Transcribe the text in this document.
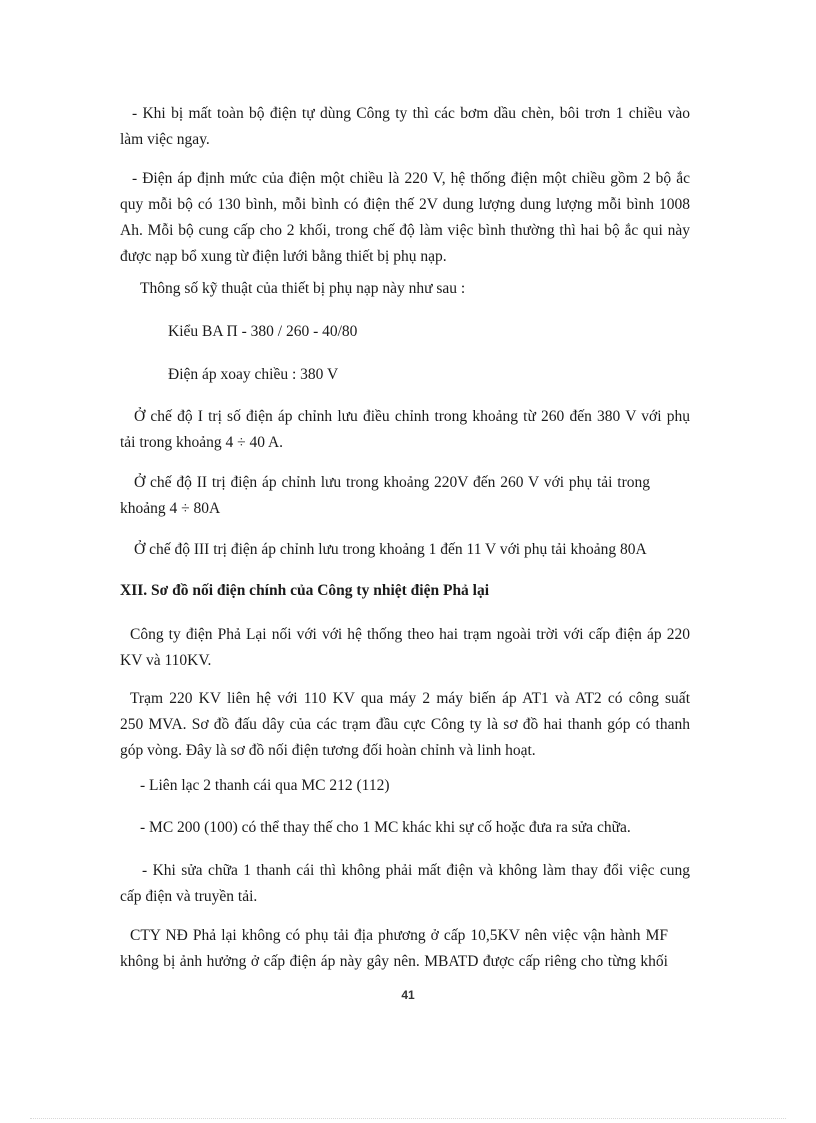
- Khi bị mất toàn bộ điện tự dùng Công ty thì các bơm dầu chèn, bôi trơn 1 chiều vào
làm việc ngay.
- Điện áp định mức của điện một chiều là 220 V, hệ thống điện một chiều gồm 2 bộ ắc
quy mỗi bộ có 130 bình, mỗi bình có điện thế 2V dung lượng dung lượng mỗi bình 1008
Ah. Mỗi bộ cung cấp cho 2 khối, trong chế độ làm việc bình thường thì hai bộ ắc qui này
được nạp bổ xung từ điện lưới bằng thiết bị phụ nạp.
Thông số kỹ thuật của thiết bị phụ nạp này như sau :
Kiểu BA П - 380 / 260 - 40/80
Điện áp xoay chiều : 380 V
Ở chế độ I trị số điện áp chỉnh lưu điều chỉnh trong khoảng từ 260 đến 380 V với phụ
tải trong khoảng 4 ÷ 40 A.
Ở chế độ II trị điện áp chỉnh lưu trong khoảng 220V đến 260 V với phụ tải trong
khoảng 4 ÷ 80A
Ở chế độ III trị điện áp chỉnh lưu trong khoảng 1 đến 11 V với phụ tải khoảng 80A
XII. Sơ đồ nối điện chính của Công ty nhiệt điện Phả lại
Công ty điện Phả Lại nối với với hệ thống theo hai trạm ngoài trời với cấp điện áp 220
KV và 110KV.
Trạm 220 KV liên hệ với 110 KV qua máy 2 máy biến áp AT1 và AT2 có công suất
250 MVA. Sơ đồ đấu dây của các trạm đầu cực Công ty là sơ đồ hai thanh góp có thanh
góp vòng. Đây là sơ đồ nối điện tương đối hoàn chỉnh và linh hoạt.
- Liên lạc 2 thanh cái qua MC 212 (112)
- MC 200 (100) có thể thay thế cho 1 MC khác khi sự cố hoặc đưa ra sửa chữa.
- Khi sửa chữa 1 thanh cái thì không phải mất điện và không làm thay đổi việc cung
cấp điện và truyền tải.
CTY NĐ Phả lại không có phụ tải địa phương ở cấp 10,5KV nên việc vận hành MF
không bị ảnh hưởng ở cấp điện áp này gây nên. MBATD được cấp riêng cho từng khối
41
